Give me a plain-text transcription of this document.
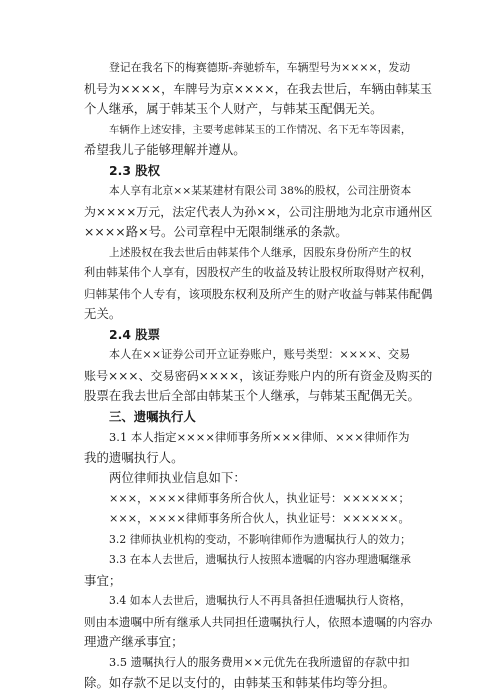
登记在我名下的梅赛德斯-奔驰轿车，车辆型号为××××，发动
机号为××××，车牌号为京××××，在我去世后，车辆由韩某玉
个人继承，属于韩某玉个人财产，与韩某玉配偶无关。

车辆作上述安排，主要考虑韩某玉的工作情况、名下无车等因素，
希望我儿子能够理解并遵从。

2.3 股权

本人享有北京××某某建材有限公司 38%的股权，公司注册资本
为××××万元，法定代表人为孙××，公司注册地为北京市通州区
××××路×号。公司章程中无限制继承的条款。

上述股权在我去世后由韩某伟个人继承，因股东身份所产生的权
利由韩某伟个人享有，因股权产生的收益及转让股权所取得财产权利，
归韩某伟个人专有，该项股东权利及所产生的财产收益与韩某伟配偶
无关。

2.4 股票

本人在××证券公司开立证券账户，账号类型：××××、交易
账号×××、交易密码××××，该证券账户内的所有资金及购买的
股票在我去世后全部由韩某玉个人继承，与韩某玉配偶无关。

三、遗嘱执行人

3.1 本人指定××××律师事务所×××律师、×××律师作为
我的遗嘱执行人。

两位律师执业信息如下：

×××，××××律师事务所合伙人，执业证号：××××××；

×××，××××律师事务所合伙人，执业证号：××××××。

3.2 律师执业机构的变动，不影响律师作为遗嘱执行人的效力；

3.3 在本人去世后，遗嘱执行人按照本遗嘱的内容办理遗嘱继承
事宜；

3.4 如本人去世后，遗嘱执行人不再具备担任遗嘱执行人资格，
则由本遗嘱中所有继承人共同担任遗嘱执行人，依照本遗嘱的内容办
理遗产继承事宜；

3.5 遗嘱执行人的服务费用××元优先在我所遗留的存款中扣
除。如存款不足以支付的，由韩某玉和韩某伟均等分担。
